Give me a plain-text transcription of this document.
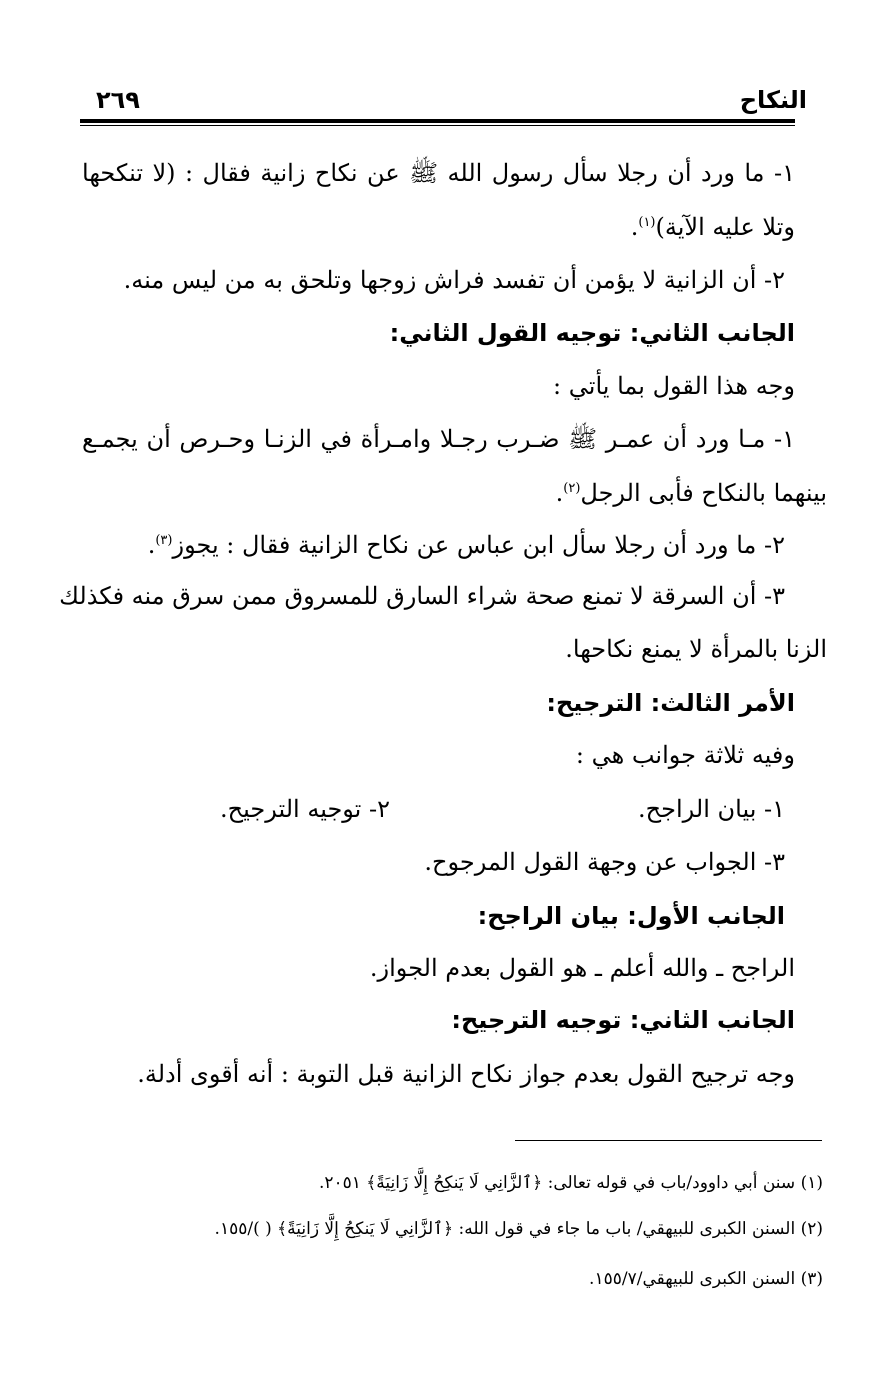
النكاح
٢٦٩
١- ما ورد أن رجلا سأل رسول الله ﷺ عن نكاح زانية فقال : (لا تنكحها
وتلا عليه الآية)$^{(١)}$.
٢- أن الزانية لا يؤمن أن تفسد فراش زوجها وتلحق به من ليس منه.
الجانب الثاني: توجيه القول الثاني:
وجه هذا القول بما يأتي :
١- مـا ورد أن عمـر ﷺ ضـرب رجـلا وامـرأة في الزنـا وحـرص أن يجمـع
بينهما بالنكاح فأبى الرجل$^{(٢)}$.
٢- ما ورد أن رجلا سأل ابن عباس عن نكاح الزانية فقال : يجوز$^{(٣)}$.
٣- أن السرقة لا تمنع صحة شراء السارق للمسروق ممن سرق منه فكذلك
الزنا بالمرأة لا يمنع نكاحها.
الأمر الثالث: الترجيح:
وفيه ثلاثة جوانب هي :
١- بيان الراجح.
٢- توجيه الترجيح.
٣- الجواب عن وجهة القول المرجوح.
الجانب الأول: بيان الراجح:
الراجح ـ والله أعلم ـ هو القول بعدم الجواز.
الجانب الثاني: توجيه الترجيح:
وجه ترجيح القول بعدم جواز نكاح الزانية قبل التوبة : أنه أقوى أدلة.
(١) سنن أبي داوود/باب في قوله تعالى: ﴿ٱلزَّانِي لَا يَنكِحُ إِلَّا زَانِيَةً﴾ ٢٠٥١.
(٢) السنن الكبرى للبيهقي/ باب ما جاء في قول الله: ﴿ٱلزَّانِي لَا يَنكِحُ إِلَّا زَانِيَةً﴾ ( )/١٥٥.
(٣) السنن الكبرى للبيهقي/١٥٥/٧.
